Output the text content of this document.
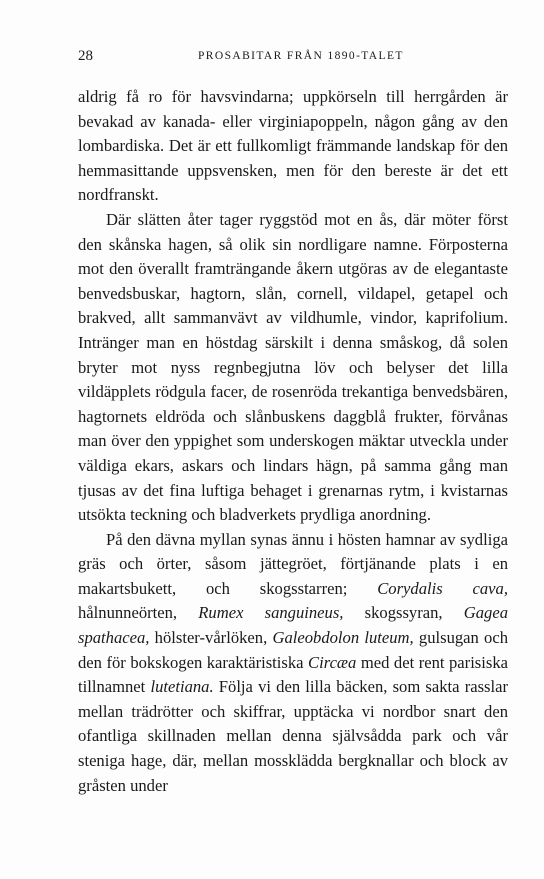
28	PROSABITAR FRÅN 1890-TALET

aldrig få ro för havsvindarna; uppkörseln till herrgården är bevakad av kanada- eller virginiapoppeln, någon gång av den lombardiska. Det är ett fullkomligt främmande landskap för den hemmasittande uppsvensken, men för den bereste är det ett nordfranskt.

Där slätten åter tager ryggstöd mot en ås, där möter först den skånska hagen, så olik sin nordligare namne. Förposterna mot den överallt framträngande åkern utgöras av de elegantaste benvedsbuskar, hagtorn, slån, cornell, vildapel, getapel och brakved, allt sammanvävt av vildhumle, vindor, kaprifolium. Intränger man en höstdag särskilt i denna småskog, då solen bryter mot nyss regnbegjutna löv och belyser det lilla vildäpplets rödgula facer, de rosenröda trekantiga benvedsbären, hagtornets eldröda och slånbuskens daggblå frukter, förvånas man över den yppighet som underskogen mäktar utveckla under väldiga ekars, askars och lindars hägn, på samma gång man tjusas av det fina luftiga behaget i grenarnas rytm, i kvistarnas utsökta teckning och bladverkets prydliga anordning.

På den dävna myllan synas ännu i hösten hamnar av sydliga gräs och örter, såsom jättegröet, förtjänande plats i en makartsbukett, och skogsstarren; Corydalis cava, hålnunneörten, Rumex sanguineus, skogssyran, Gagea spathacea, hölster-vårlöken, Galeobdolon luteum, gulsugan och den för bokskogen karaktäristiska Circæa med det rent parisiska tillnamnet lutetiana. Följa vi den lilla bäcken, som sakta rasslar mellan trädrötter och skiffrar, upptäcka vi nordbor snart den ofantliga skillnaden mellan denna självsådda park och vår steniga hage, där, mellan mossklädda bergknallar och block av gråsten under
